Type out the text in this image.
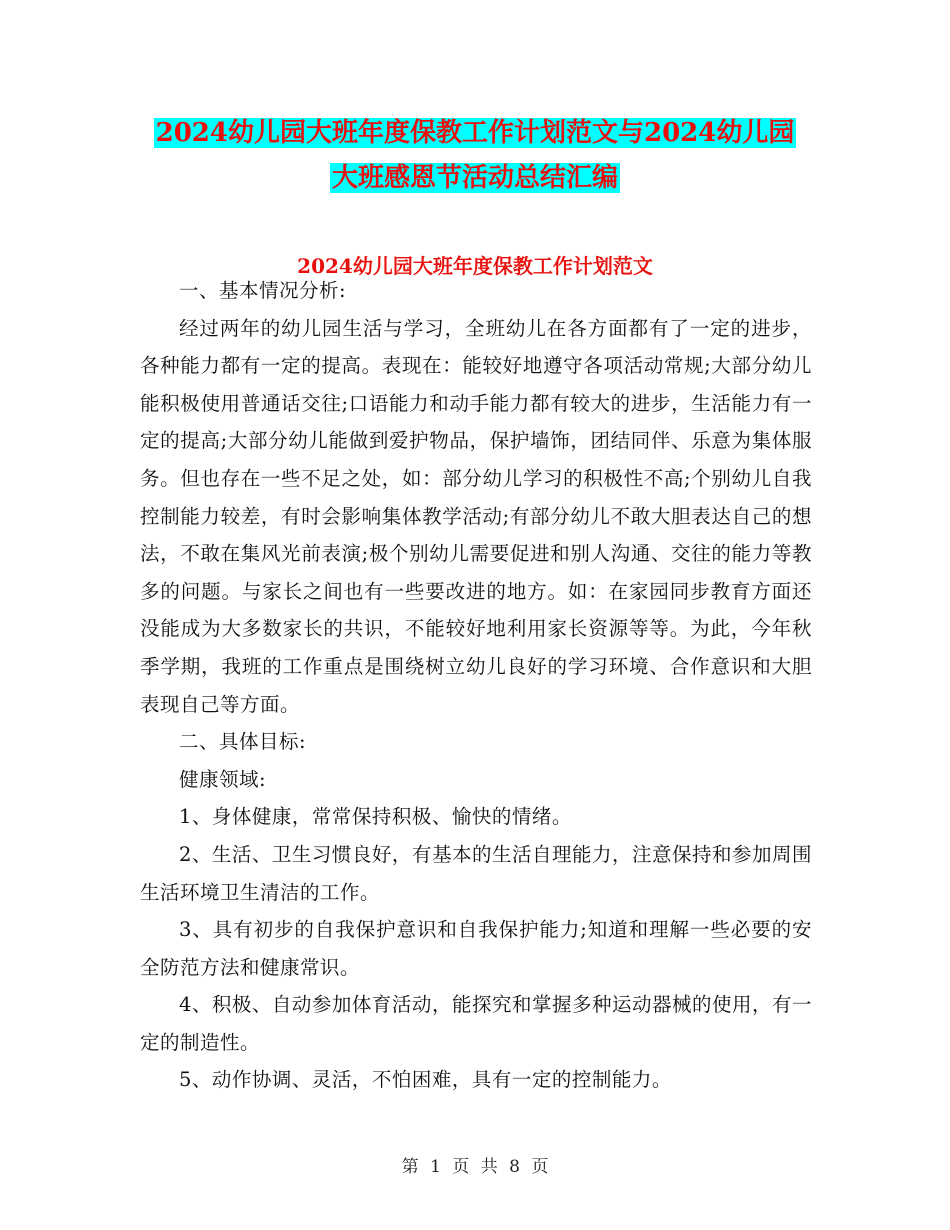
2024幼儿园大班年度保教工作计划范文与2024幼儿园
大班感恩节活动总结汇编
2024幼儿园大班年度保教工作计划范文

一、基本情况分析:

经过两年的幼儿园生活与学习，全班幼儿在各方面都有了一定的进步，各种能力都有一定的提高。表现在：能较好地遵守各项活动常规;大部分幼儿能积极使用普通话交往;口语能力和动手能力都有较大的进步，生活能力有一定的提高;大部分幼儿能做到爱护物品，保护墙饰，团结同伴、乐意为集体服务。但也存在一些不足之处，如：部分幼儿学习的积极性不高;个别幼儿自我控制能力较差，有时会影响集体教学活动;有部分幼儿不敢大胆表达自己的想法，不敢在集风光前表演;极个别幼儿需要促进和别人沟通、交往的能力等教多的问题。与家长之间也有一些要改进的地方。如：在家园同步教育方面还没能成为大多数家长的共识，不能较好地利用家长资源等等。为此，今年秋季学期，我班的工作重点是围绕树立幼儿良好的学习环境、合作意识和大胆表现自己等方面。

二、具体目标:

健康领域:

1、身体健康，常常保持积极、愉快的情绪。

2、生活、卫生习惯良好，有基本的生活自理能力，注意保持和参加周围生活环境卫生清洁的工作。

3、具有初步的自我保护意识和自我保护能力;知道和理解一些必要的安全防范方法和健康常识。

4、积极、自动参加体育活动，能探究和掌握多种运动器械的使用，有一定的制造性。

5、动作协调、灵活，不怕困难，具有一定的控制能力。

第 1 页 共 8 页
